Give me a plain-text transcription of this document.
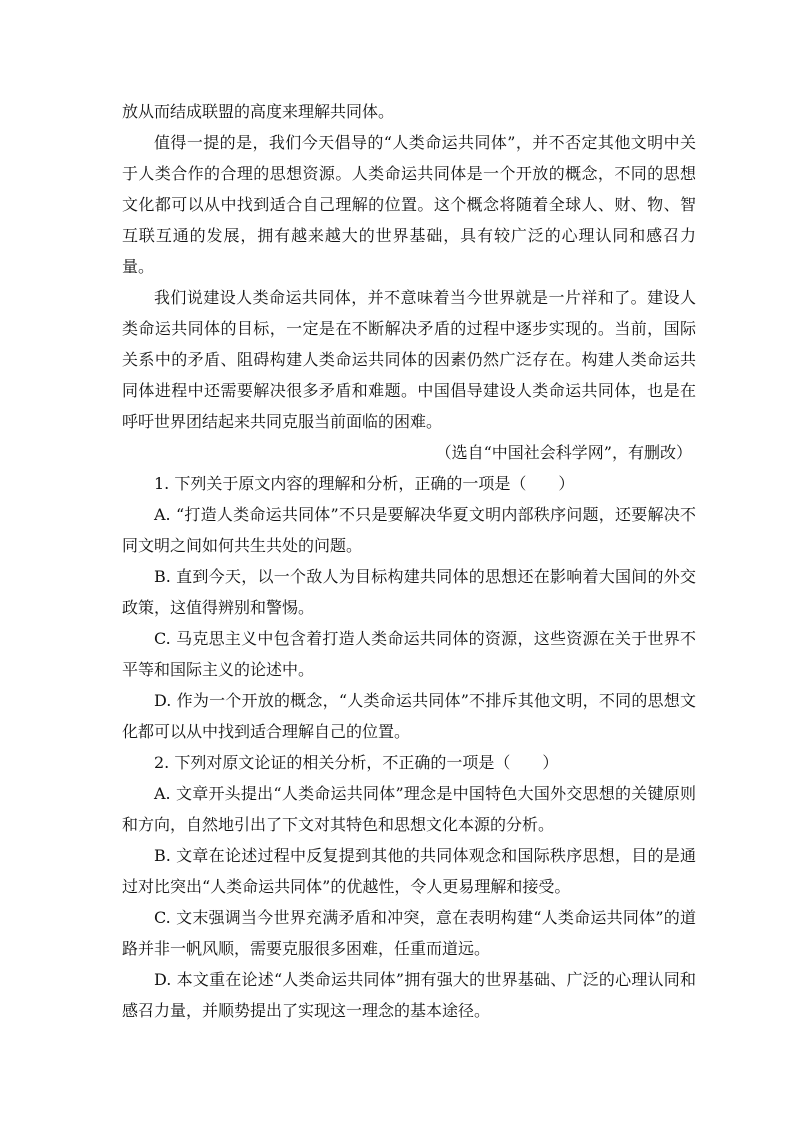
放从而结成联盟的高度来理解共同体。

值得一提的是，我们今天倡导的“人类命运共同体”，并不否定其他文明中关于人类合作的合理的思想资源。人类命运共同体是一个开放的概念，不同的思想文化都可以从中找到适合自己理解的位置。这个概念将随着全球人、财、物、智互联互通的发展，拥有越来越大的世界基础，具有较广泛的心理认同和感召力量。

我们说建设人类命运共同体，并不意味着当今世界就是一片祥和了。建设人类命运共同体的目标，一定是在不断解决矛盾的过程中逐步实现的。当前，国际关系中的矛盾、阻碍构建人类命运共同体的因素仍然广泛存在。构建人类命运共同体进程中还需要解决很多矛盾和难题。中国倡导建设人类命运共同体，也是在呼吁世界团结起来共同克服当前面临的困难。

（选自“中国社会科学网”，有删改）

1. 下列关于原文内容的理解和分析，正确的一项是（　　）

A. “打造人类命运共同体”不只是要解决华夏文明内部秩序问题，还要解决不同文明之间如何共生共处的问题。

B. 直到今天，以一个敌人为目标构建共同体的思想还在影响着大国间的外交政策，这值得辨别和警惕。

C. 马克思主义中包含着打造人类命运共同体的资源，这些资源在关于世界不平等和国际主义的论述中。

D. 作为一个开放的概念，“人类命运共同体”不排斥其他文明，不同的思想文化都可以从中找到适合理解自己的位置。

2. 下列对原文论证的相关分析，不正确的一项是（　　）

A. 文章开头提出“人类命运共同体”理念是中国特色大国外交思想的关键原则和方向，自然地引出了下文对其特色和思想文化本源的分析。

B. 文章在论述过程中反复提到其他的共同体观念和国际秩序思想，目的是通过对比突出“人类命运共同体”的优越性，令人更易理解和接受。

C. 文末强调当今世界充满矛盾和冲突，意在表明构建“人类命运共同体”的道路并非一帆风顺，需要克服很多困难，任重而道远。

D. 本文重在论述“人类命运共同体”拥有强大的世界基础、广泛的心理认同和感召力量，并顺势提出了实现这一理念的基本途径。
